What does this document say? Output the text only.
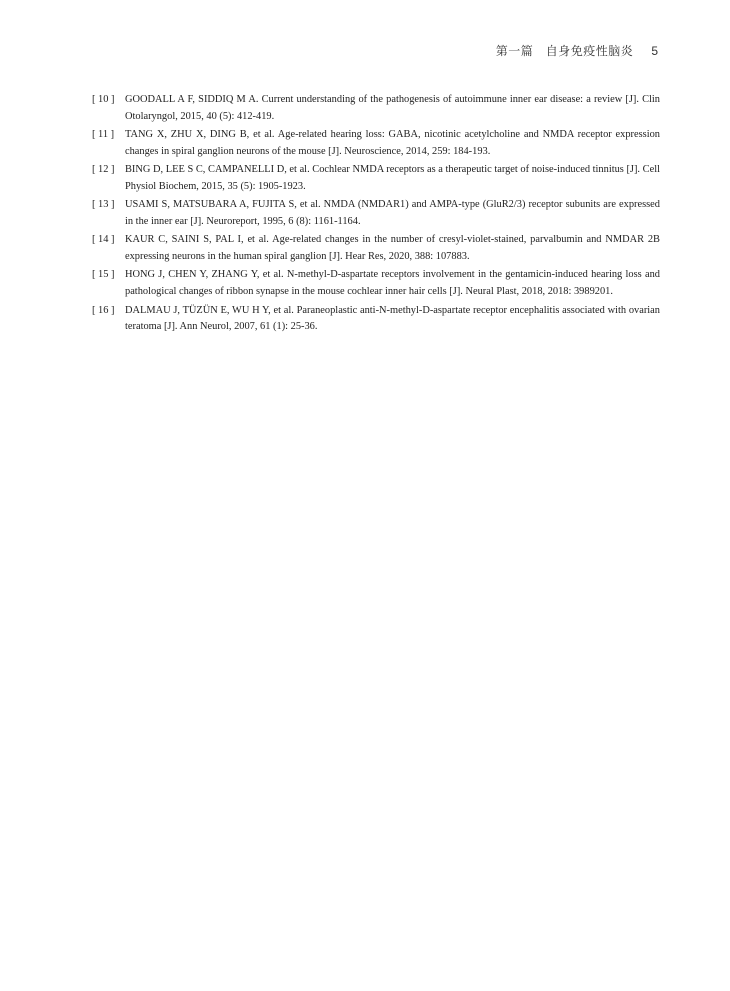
第一篇　自身免疫性脑炎 5
[ 10 ] GOODALL A F, SIDDIQ M A. Current understanding of the pathogenesis of autoimmune inner ear disease: a review [J]. Clin Otolaryngol, 2015, 40 (5): 412-419.
[ 11 ] TANG X, ZHU X, DING B, et al. Age-related hearing loss: GABA, nicotinic acetylcholine and NMDA receptor expression changes in spiral ganglion neurons of the mouse [J]. Neuroscience, 2014, 259: 184-193.
[ 12 ] BING D, LEE S C, CAMPANELLI D, et al. Cochlear NMDA receptors as a therapeutic target of noise-induced tinnitus [J]. Cell Physiol Biochem, 2015, 35 (5): 1905-1923.
[ 13 ] USAMI S, MATSUBARA A, FUJITA S, et al. NMDA (NMDAR1) and AMPA-type (GluR2/3) receptor subunits are expressed in the inner ear [J]. Neuroreport, 1995, 6 (8): 1161-1164.
[ 14 ] KAUR C, SAINI S, PAL I, et al. Age-related changes in the number of cresyl-violet-stained, parvalbumin and NMDAR 2B expressing neurons in the human spiral ganglion [J]. Hear Res, 2020, 388: 107883.
[ 15 ] HONG J, CHEN Y, ZHANG Y, et al. N-methyl-D-aspartate receptors involvement in the gentamicin-induced hearing loss and pathological changes of ribbon synapse in the mouse cochlear inner hair cells [J]. Neural Plast, 2018, 2018: 3989201.
[ 16 ] DALMAU J, TÜZÜN E, WU H Y, et al. Paraneoplastic anti-N-methyl-D-aspartate receptor encephalitis associated with ovarian teratoma [J]. Ann Neurol, 2007, 61 (1): 25-36.
